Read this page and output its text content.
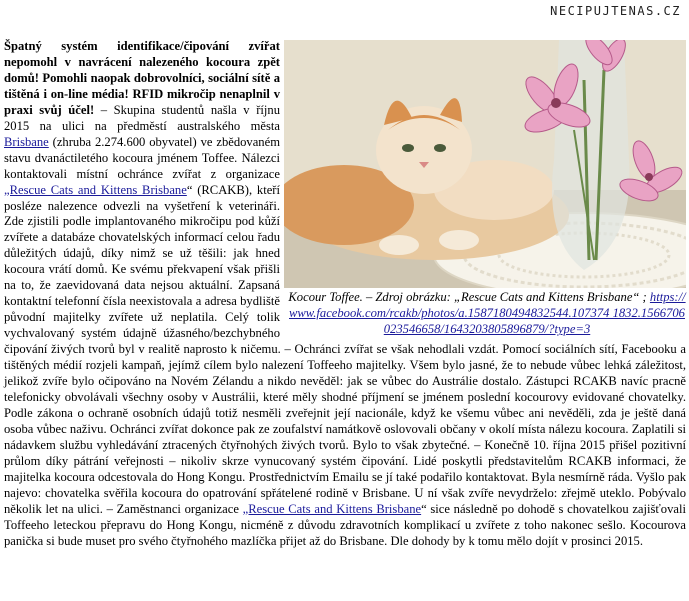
NECIPUJTENAS.CZ
Kocour Toffee. – Zdroj obrázku: „Rescue Cats and Kittens Brisbane“ ; https://www.facebook.com/rcakb/photos/a.1587180494832544.107374 1832.1566706023546658/1643203805896879/?type=3
Špatný systém identifikace/čipování zvířat nepomohl v navrácení nalezeného kocoura zpět domů! Pomohli naopak dobrovolníci, sociální sítě a tištěná i on-line média! RFID mikročip nenaplnil v praxi svůj účel! – Skupina studentů našla v říjnu 2015 na ulici na předměstí australského města Brisbane (zhruba 2.274.600 obyvatel) ve zbědovaném stavu dvanáctiletého kocoura jménem Toffee. Nálezci kontaktovali místní ochránce zvířat z organizace „Rescue Cats and Kittens Brisbane“ (RCAKB), kteří posléze nalezence odvezli na vyšetření k veterináři. Zde zjistili podle implantovaného mikročipu pod kůží zvířete a databáze chovatelských informací celou řadu důležitých údajů, díky nimž se už těšili: jak hned kocoura vrátí domů. Ke svému překvapení však přišli na to, že zaevidovaná data nejsou aktuální. Zapsaná kontaktní telefonní čísla neexistovala a adresa bydliště původní majitelky zvířete už neplatila. Celý tolik vychvalovaný systém údajně úžasného/bezchybného čipování živých tvorů byl v realitě naprosto k ničemu. – Ochránci zvířat se však nehodlali vzdát. Pomocí sociálních sítí, Facebooku a tištěných médií rozjeli kampaň, jejímž cílem bylo nalezení Toffeeho majitelky. Všem bylo jasné, že to nebude vůbec lehká záležitost, jelikož zvíře bylo očipováno na Novém Zélandu a nikdo nevěděl: jak se vůbec do Austrálie dostalo. Zástupci RCAKB navíc pracně telefonicky obvolávali všechny osoby v Austrálii, které měly shodné příjmení se jménem poslední kocourovy evidované chovatelky. Podle zákona o ochraně osobních údajů totiž nesměli zveřejnit její nacionále, když ke všemu vůbec ani nevěděli, zda je ještě daná osoba vůbec naživu. Ochránci zvířat dokonce pak ze zoufalství namátkově oslovovali občany v okolí místa nálezu kocoura. Zaplatili si nádavkem službu vyhledávání ztracených čtyřnohých živých tvorů. Bylo to však zbytečné. – Konečně 10. října 2015 přišel pozitivní průlom díky pátrání veřejnosti – nikoliv skrze vynucovaný systém čipování. Lidé poskytli představitelům RCAKB informaci, že majitelka kocoura odcestovala do Hong Kongu. Prostřednictvím Emailu se jí také podařilo kontaktovat. Byla nesmírně ráda. Vyšlo pak najevo: chovatelka svěřila kocoura do opatrování spřátelené rodině v Brisbane. U ní však zvíře nevydrželo: zřejmě uteklo. Pobývalo několik let na ulici. – Zaměstnanci organizace „Rescue Cats and Kittens Brisbane“ sice následně po dohodě s chovatelkou zajišťovali Toffeeho leteckou přepravu do Hong Kongu, nicméně z důvodu zdravotních komplikací u zvířete z toho nakonec sešlo. Kocourova panička si bude muset pro svého čtyřnohého mazlíčka přijet až do Brisbane. Dle dohody by k tomu mělo dojít v prosinci 2015.
